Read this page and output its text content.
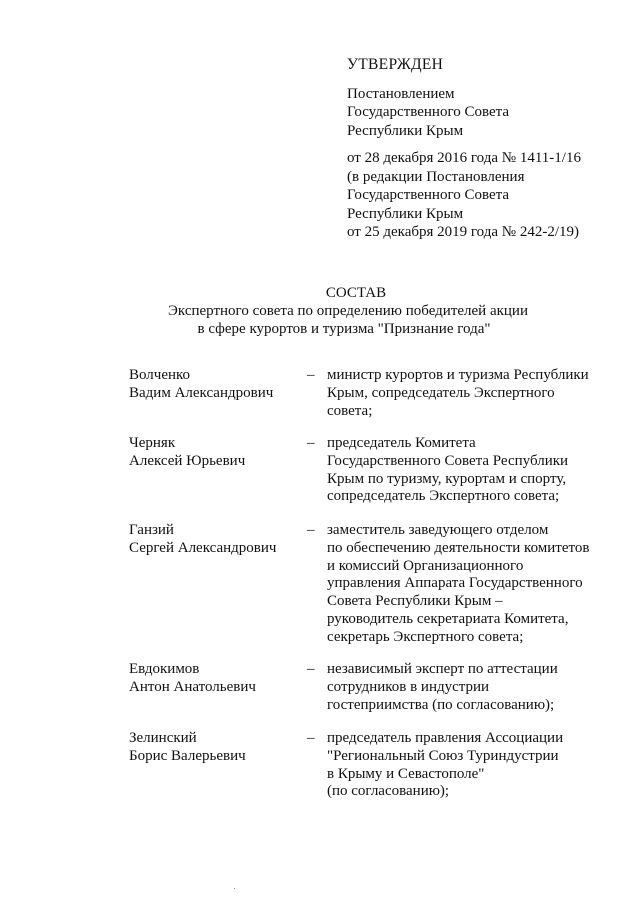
УТВЕРЖДЕН
Постановлением
Государственного Совета
Республики Крым
от 28 декабря 2016 года № 1411-1/16
(в редакции Постановления
Государственного Совета
Республики Крым
от 25 декабря 2019 года № 242-2/19)
СОСТАВ
Экспертного совета по определению победителей акции
в сфере курортов и туризма "Признание года"
Волченко
Вадим Александрович
– министр курортов и туризма Республики
Крым, сопредседатель Экспертного
совета;
Черняк
Алексей Юрьевич
– председатель Комитета
Государственного Совета Республики
Крым по туризму, курортам и спорту,
сопредседатель Экспертного совета;
Ганзий
Сергей Александрович
– заместитель заведующего отделом
по обеспечению деятельности комитетов
и комиссий Организационного
управления Аппарата Государственного
Совета Республики Крым –
руководитель секретариата Комитета,
секретарь Экспертного совета;
Евдокимов
Антон Анатольевич
– независимый эксперт по аттестации
сотрудников в индустрии
гостеприимства (по согласованию);
Зелинский
Борис Валерьевич
– председатель правления Ассоциации
"Региональный Союз Туриндустрии
в Крыму и Севастополе"
(по согласованию);
